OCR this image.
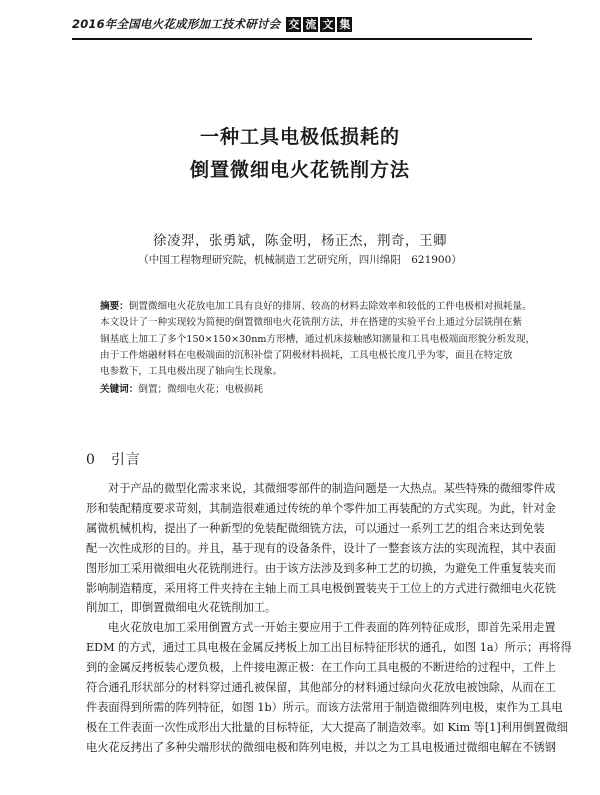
2016年全国电火花成形加工技术研讨会 交 流 文 集
一种工具电极低损耗的
倒置微细电火花铣削方法
徐凌羿，张勇斌，陈金明，杨正杰，荆奇，王卿
（中国工程物理研究院，机械制造工艺研究所，四川绵阳　621900）
摘要：倒置微细电火花放电加工具有良好的排屑、较高的材料去除效率和较低的工件电极相对损耗量。
本文设计了一种实现较为简便的倒置微细电火花铣削方法，并在搭建的实验平台上通过分层铣削在紫
铜基底上加工了多个150×150×30nm方形槽，通过机床接触感知测量和工具电极端面形貌分析发现，
由于工件熔融材料在电极端面的沉积补偿了阴极材料损耗，工具电极长度几乎为零，面且在特定放
电参数下，工具电极出现了轴向生长现象。
关键词：倒置；微细电火花；电极损耗
0　 引言
对于产品的微型化需求来说，其微细零部件的制造问题是一大热点。某些特殊的微细零件成
形和装配精度要求苛刻，其制造很难通过传统的单个零件加工再装配的方式实现。为此，针对金
属微机械机构，提出了一种新型的免装配微细铣方法，可以通过一系列工艺的组合来达到免装
配一次性成形的目的。并且，基于现有的设备条件，设计了一整套该方法的实现流程，其中表面
图形加工采用微细电火花铣削进行。由于该方法涉及到多种工艺的切换，为避免工件重复装夹而
影响制造精度，采用将工件夹持在主轴上而工具电极倒置装夹于工位上的方式进行微细电火花铣
削加工，即倒置微细电火花铣削加工。
电火花放电加工采用倒置方式一开始主要应用于工件表面的阵列特征成形，即首先采用走置
EDM 的方式，通过工具电极在金属反拷板上加工出目标特征形状的通孔，如图 1a）所示；再将得
到的金属反拷板装心逻负极，上件接电源正极：在工作向工具电极的不断进给的过程中，工件上
符合通孔形状部分的材料穿过通孔被保留，其他部分的材料通过绿向火花放电被蚀除，从而在工
件表面得到所需的阵列特征，如图 1b）所示。而该方法常用于制造微细阵列电极，束作为工具电
极在工件表面一次性成形出大批量的目标特征，大大提高了制造效率。如 Kim 等[1]利用倒置微细
电火花反拷出了多种尖端形状的微细电极和阵列电极，并以之为工具电极通过微细电解在不锈钢
